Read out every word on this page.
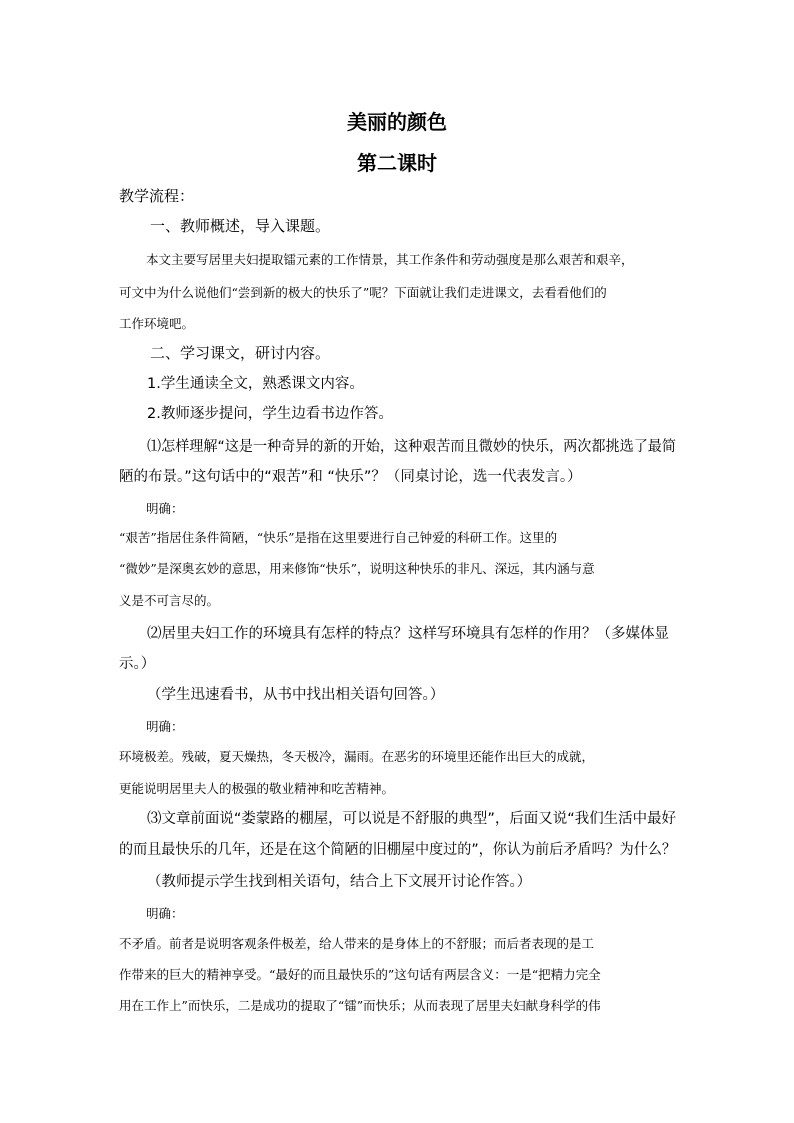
美丽的颜色
第二课时
教学流程：
一、教师概述，导入课题。
本文主要写居里夫妇提取镭元素的工作情景，其工作条件和劳动强度是那么艰苦和艰辛，
可文中为什么说他们“尝到新的极大的快乐了”呢？下面就让我们走进课文，去看看他们的
工作环境吧。
二、学习课文，研讨内容。
1.学生通读全文，熟悉课文内容。
2.教师逐步提问，学生边看书边作答。
⑴怎样理解“这是一种奇异的新的开始，这种艰苦而且微妙的快乐，两次都挑选了最简
陋的布景。”这句话中的“艰苦”和 “快乐”？（同桌讨论，选一代表发言。）
明确：
“艰苦”指居住条件简陋，“快乐”是指在这里要进行自己钟爱的科研工作。这里的
“微妙”是深奥玄妙的意思，用来修饰“快乐”，说明这种快乐的非凡、深远，其内涵与意
义是不可言尽的。
⑵居里夫妇工作的环境具有怎样的特点？这样写环境具有怎样的作用？（多媒体显
示。）
（学生迅速看书，从书中找出相关语句回答。）
明确：
环境极差。残破，夏天燥热，冬天极冷，漏雨。在恶劣的环境里还能作出巨大的成就，
更能说明居里夫人的极强的敬业精神和吃苦精神。
⑶文章前面说“娄蒙路的棚屋，可以说是不舒服的典型”，后面又说“我们生活中最好
的而且最快乐的几年，还是在这个简陋的旧棚屋中度过的”，你认为前后矛盾吗？为什么？
（教师提示学生找到相关语句，结合上下文展开讨论作答。）
明确：
不矛盾。前者是说明客观条件极差，给人带来的是身体上的不舒服；而后者表现的是工
作带来的巨大的精神享受。“最好的而且最快乐的”这句话有两层含义：一是“把精力完全
用在工作上”而快乐，二是成功的提取了“镭”而快乐；从而表现了居里夫妇献身科学的伟
